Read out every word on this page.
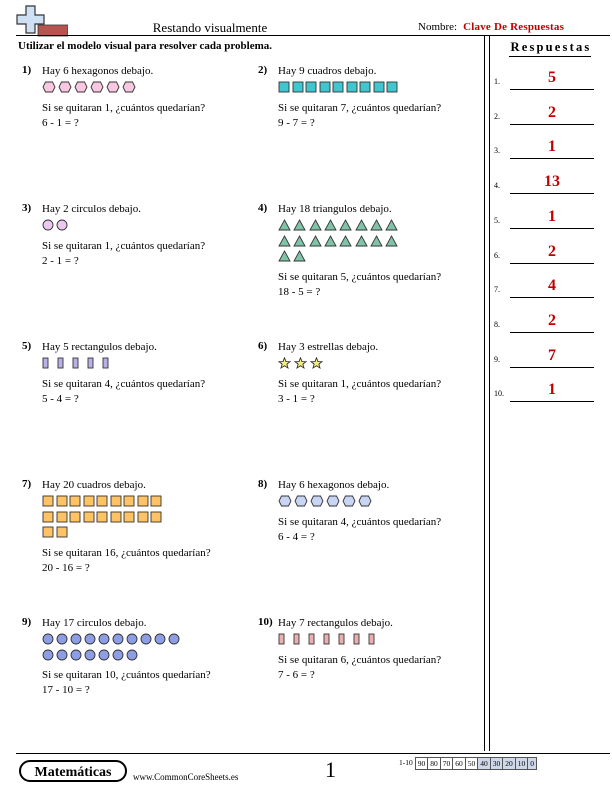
Restando visualmente	Nombre: Clave De Respuestas
Utilizar el modelo visual para resolver cada problema.	Respuestas
1.	5
2.	2
3.	1
4.	13
5.	1
6.	2
7.	4
8.	2
9.	7
10.	1
1) Hay 6 hexagonos debajo.
Si se quitaran 1, ¿cuántos quedarían?
6 - 1 = ?
2) Hay 9 cuadros debajo.
Si se quitaran 7, ¿cuántos quedarían?
9 - 7 = ?
3) Hay 2 circulos debajo.
Si se quitaran 1, ¿cuántos quedarían?
2 - 1 = ?
4) Hay 18 triangulos debajo.
Si se quitaran 5, ¿cuántos quedarían?
18 - 5 = ?
5) Hay 5 rectangulos debajo.
Si se quitaran 4, ¿cuántos quedarían?
5 - 4 = ?
6) Hay 3 estrellas debajo.
Si se quitaran 1, ¿cuántos quedarían?
3 - 1 = ?
7) Hay 20 cuadros debajo.
Si se quitaran 16, ¿cuántos quedarían?
20 - 16 = ?
8) Hay 6 hexagonos debajo.
Si se quitaran 4, ¿cuántos quedarían?
6 - 4 = ?
9) Hay 17 circulos debajo.
Si se quitaran 10, ¿cuántos quedarían?
17 - 10 = ?
10) Hay 7 rectangulos debajo.
Si se quitaran 6, ¿cuántos quedarían?
7 - 6 = ?
Matemáticas	www.CommonCoreSheets.es	1	1-10 90 80 70 60 50 40 30 20 10 0
